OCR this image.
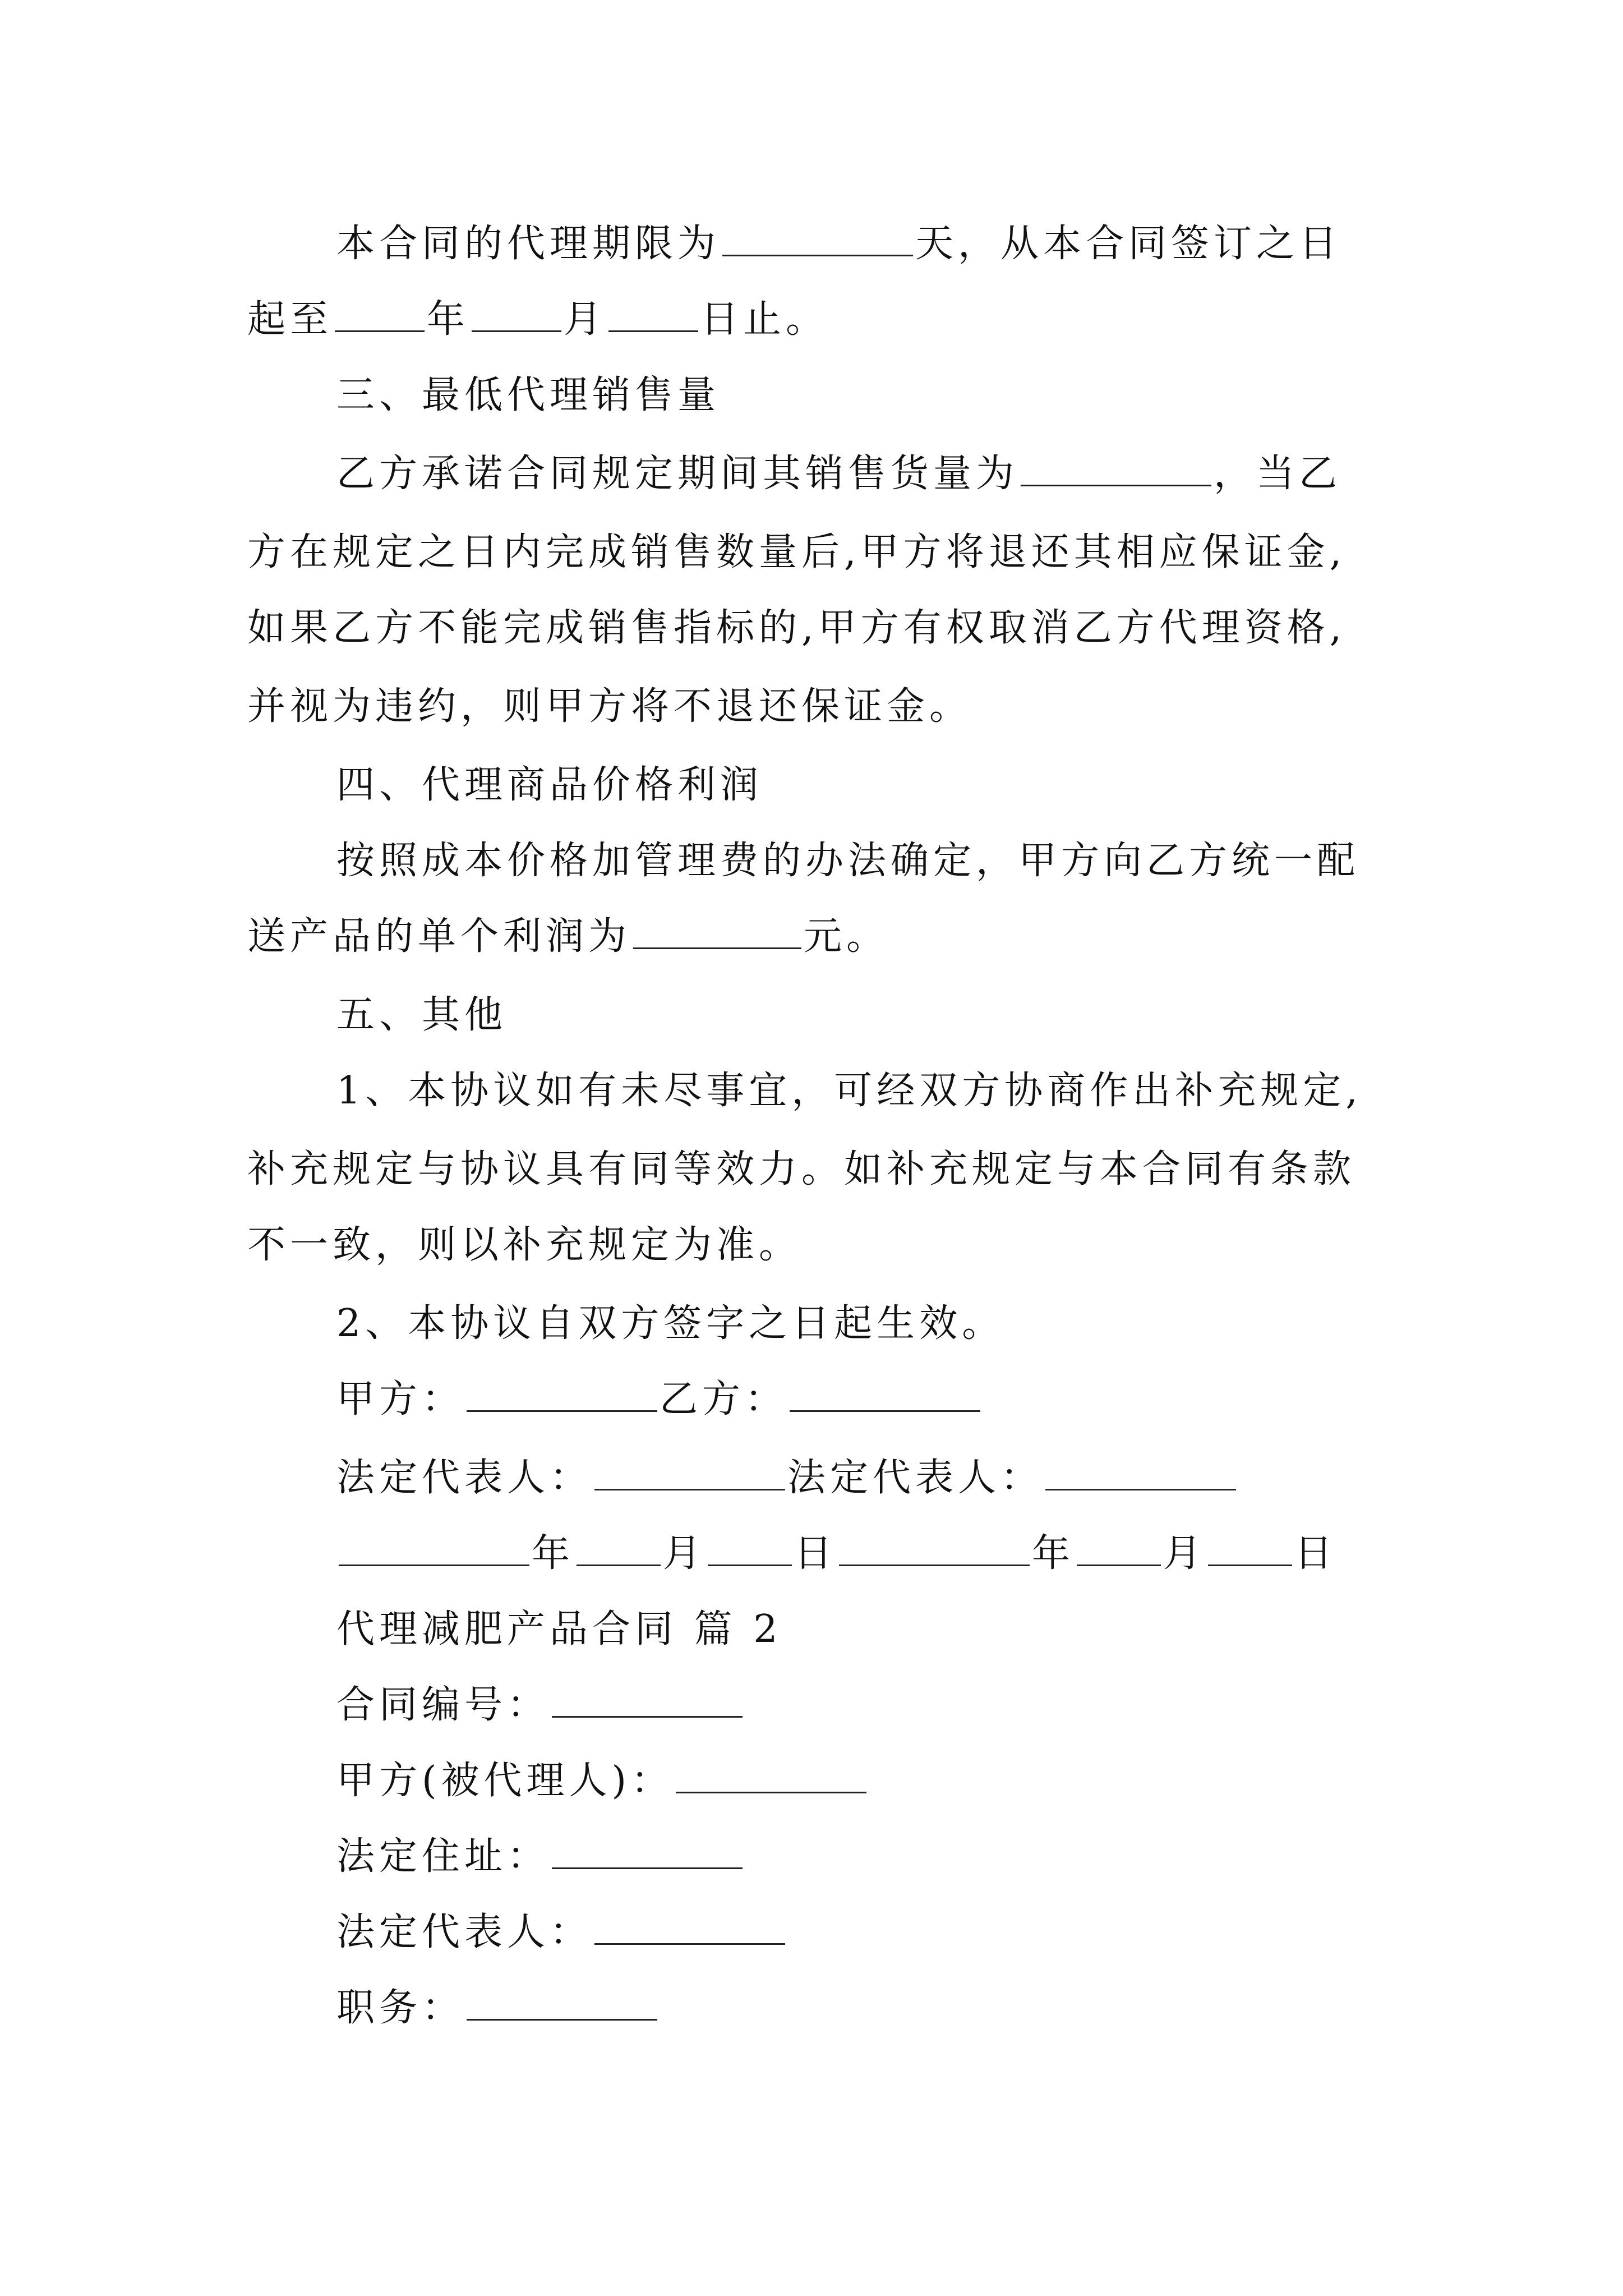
本合同的代理期限为	天，从本合同签订之日
起至 年 月 日止。
三、最低代理销售量
乙方承诺合同规定期间其销售货量为	，当乙
方在规定之日内完成销售数量后,甲方将退还其相应保证金,
如果乙方不能完成销售指标的,甲方有权取消乙方代理资格,
并视为违约，则甲方将不退还保证金。
四、代理商品价格利润
按照成本价格加管理费的办法确定，甲方向乙方统一配
送产品的单个利润为	元。
五、其他
1、本协议如有未尽事宜，可经双方协商作出补充规定,
补充规定与协议具有同等效力。如补充规定与本合同有条款
不一致，则以补充规定为准。
2、本协议自双方签字之日起生效。
甲方：	乙方：
法定代表人：	法定代表人：
年 月 日	年 月 日
代理减肥产品合同 篇 2
合同编号：
甲方(被代理人)：
法定住址：
法定代表人：
职务：
